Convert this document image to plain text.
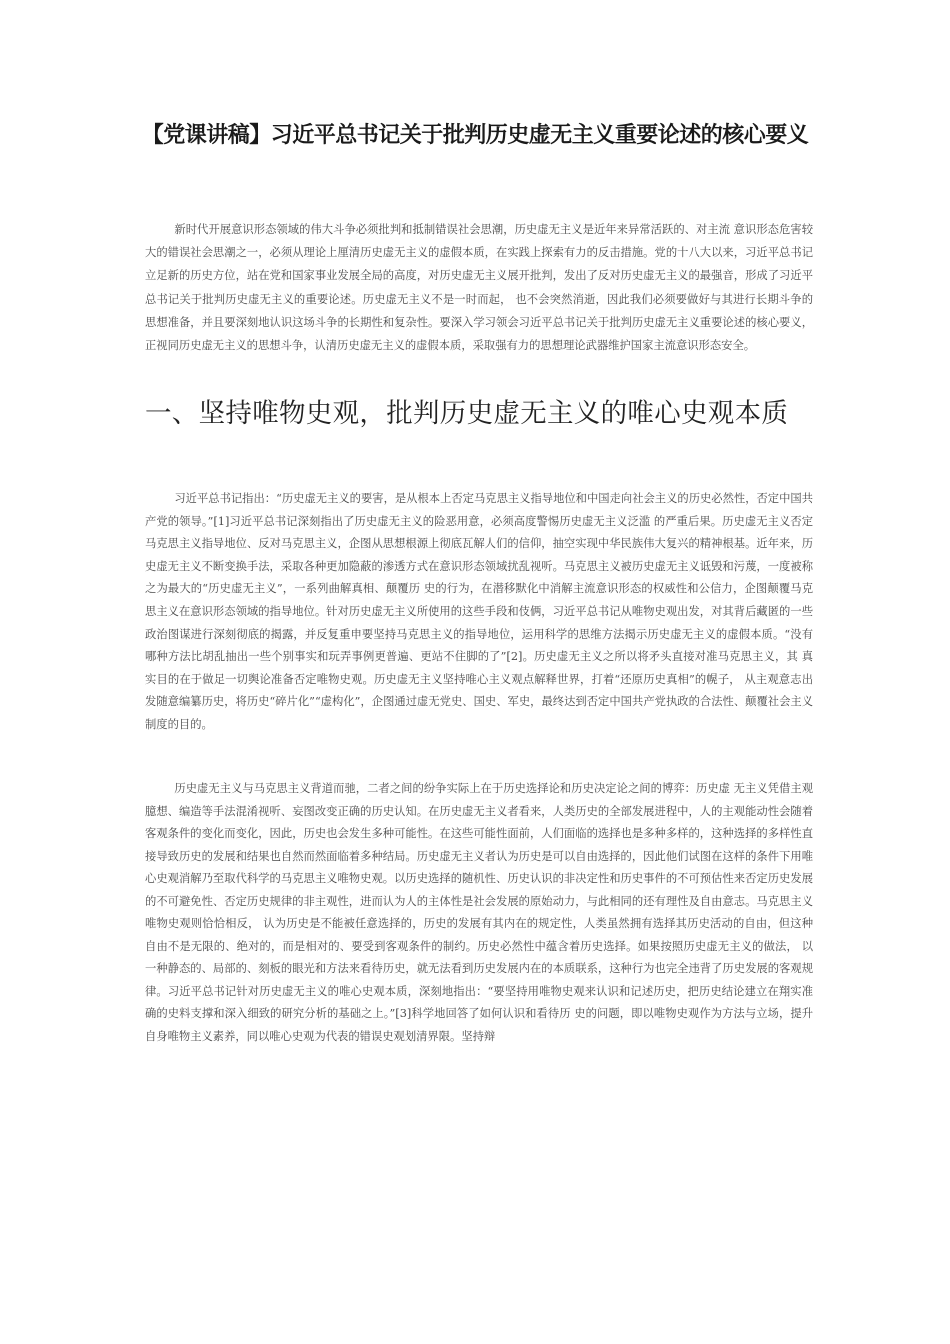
【党课讲稿】习近平总书记关于批判历史虚无主义重要论述的核心要义

新时代开展意识形态领域的伟大斗争必须批判和抵制错误社会思潮，历史虚无主义是近年来异常活跃的、对主流 意识形态危害较大的错误社会思潮之一，必须从理论上厘清历史虚无主义的虚假本质，在实践上探索有力的反击措施。党的十八大以来，习近平总书记立足新的历史方位，站在党和国家事业发展全局的高度，对历史虚无主义展开批判，发出了反对历史虚无主义的最强音，形成了习近平总书记关于批判历史虚无主义的重要论述。历史虚无主义不是一时而起， 也不会突然消逝，因此我们必须要做好与其进行长期斗争的思想准备，并且要深刻地认识这场斗争的长期性和复杂性。要深入学习领会习近平总书记关于批判历史虚无主义重要论述的核心要义，正视同历史虚无主义的思想斗争，认清历史虚无主义的虚假本质，采取强有力的思想理论武器维护国家主流意识形态安全。

一、坚持唯物史观，批判历史虚无主义的唯心史观本质

习近平总书记指出：“历史虚无主义的要害，是从根本上否定马克思主义指导地位和中国走向社会主义的历史必然性，否定中国共产党的领导。”[1]习近平总书记深刻指出了历史虚无主义的险恶用意，必须高度警惕历史虚无主义泛滥 的严重后果。历史虚无主义否定马克思主义指导地位、反对马克思主义，企图从思想根源上彻底瓦解人们的信仰，抽空实现中华民族伟大复兴的精神根基。近年来，历史虚无主义不断变换手法，采取各种更加隐蔽的渗透方式在意识形态领域扰乱视听。马克思主义被历史虚无主义诋毁和污蔑，一度被称之为最大的“历史虚无主义”，一系列曲解真相、颠覆历 史的行为，在潜移默化中消解主流意识形态的权威性和公信力，企图颠覆马克思主义在意识形态领域的指导地位。针对历史虚无主义所使用的这些手段和伎俩，习近平总书记从唯物史观出发，对其背后藏匿的一些政治图谋进行深刻彻底的揭露，并反复重申要坚持马克思主义的指导地位，运用科学的思维方法揭示历史虚无主义的虚假本质。“没有哪种方法比胡乱抽出一些个别事实和玩弄事例更普遍、更站不住脚的了”[2]。历史虚无主义之所以将矛头直接对准马克思主义，其 真实目的在于做足一切舆论准备否定唯物史观。历史虚无主义坚持唯心主义观点解释世界，打着“还原历史真相”的幌子， 从主观意志出发随意编纂历史，将历史“碎片化”“虚构化”，企图通过虚无党史、国史、军史，最终达到否定中国共产党执政的合法性、颠覆社会主义制度的目的。

历史虚无主义与马克思主义背道而驰，二者之间的纷争实际上在于历史选择论和历史决定论之间的博弈：历史虚 无主义凭借主观臆想、编造等手法混淆视听、妄图改变正确的历史认知。在历史虚无主义者看来，人类历史的全部发展进程中，人的主观能动性会随着客观条件的变化而变化，因此，历史也会发生多种可能性。在这些可能性面前，人们面临的选择也是多种多样的，这种选择的多样性直接导致历史的发展和结果也自然而然面临着多种结局。历史虚无主义者认为历史是可以自由选择的，因此他们试图在这样的条件下用唯心史观消解乃至取代科学的马克思主义唯物史观。以历史选择的随机性、历史认识的非决定性和历史事件的不可预估性来否定历史发展的不可避免性、否定历史规律的非主观性，进而认为人的主体性是社会发展的原始动力，与此相同的还有理性及自由意志。马克思主义唯物史观则恰恰相反， 认为历史是不能被任意选择的，历史的发展有其内在的规定性，人类虽然拥有选择其历史活动的自由，但这种自由不是无限的、绝对的，而是相对的、要受到客观条件的制约。历史必然性中蕴含着历史选择。如果按照历史虚无主义的做法， 以一种静态的、局部的、刻板的眼光和方法来看待历史，就无法看到历史发展内在的本质联系，这种行为也完全违背了历史发展的客观规律。习近平总书记针对历史虚无主义的唯心史观本质，深刻地指出：“要坚持用唯物史观来认识和记述历史，把历史结论建立在翔实准确的史料支撑和深入细致的研究分析的基础之上。”[3]科学地回答了如何认识和看待历 史的问题，即以唯物史观作为方法与立场，提升自身唯物主义素养，同以唯心史观为代表的错误史观划清界限。坚持辩
